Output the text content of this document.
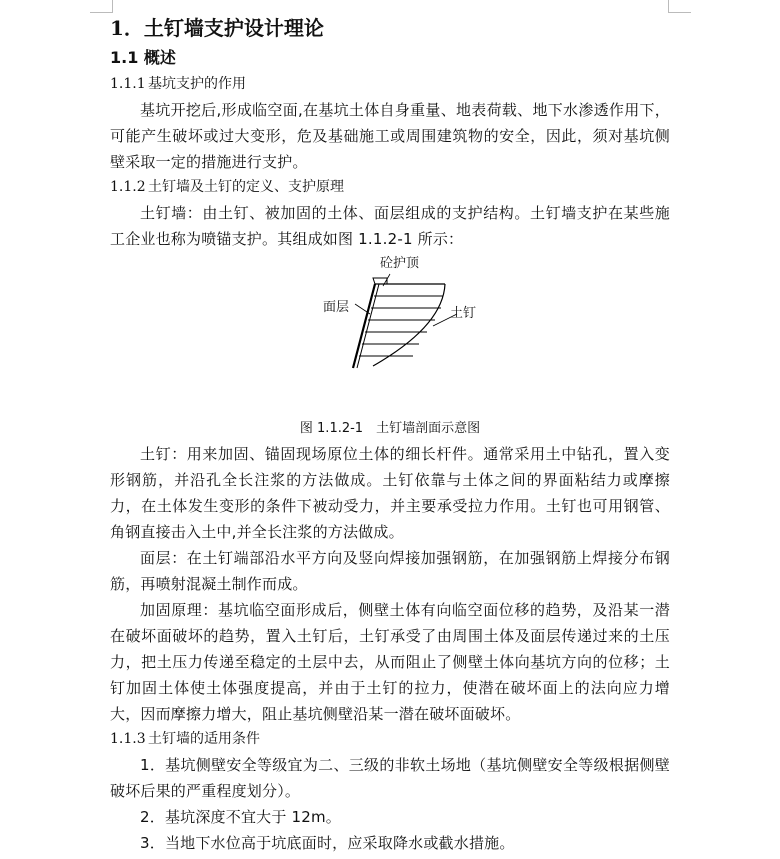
1．土钉墙支护设计理论
1.1 概述
1.1.1 基坑支护的作用

基坑开挖后,形成临空面,在基坑土体自身重量、地表荷载、地下水渗透作用下，可能产生破坏或过大变形，危及基础施工或周围建筑物的安全，因此，须对基坑侧壁采取一定的措施进行支护。

1.1.2 土钉墙及土钉的定义、支护原理

土钉墙：由土钉、被加固的土体、面层组成的支护结构。土钉墙支护在某些施工企业也称为喷锚支护。其组成如图 1.1.2-1 所示：

砼护顶
面层	土钉

图 1.1.2-1　土钉墙剖面示意图

土钉：用来加固、锚固现场原位土体的细长杆件。通常采用土中钻孔，置入变形钢筋，并沿孔全长注浆的方法做成。土钉依靠与土体之间的界面粘结力或摩擦力，在土体发生变形的条件下被动受力，并主要承受拉力作用。土钉也可用钢管、角钢直接击入土中,并全长注浆的方法做成。

面层：在土钉端部沿水平方向及竖向焊接加强钢筋，在加强钢筋上焊接分布钢筋，再喷射混凝土制作而成。

加固原理：基坑临空面形成后，侧壁土体有向临空面位移的趋势，及沿某一潜在破坏面破坏的趋势，置入土钉后，土钉承受了由周围土体及面层传递过来的土压力，把土压力传递至稳定的土层中去，从而阻止了侧壁土体向基坑方向的位移；土钉加固土体使土体强度提高，并由于土钉的拉力，使潜在破坏面上的法向应力增大，因而摩擦力增大，阻止基坑侧壁沿某一潜在破坏面破坏。

1.1.3 土钉墙的适用条件

1．基坑侧壁安全等级宜为二、三级的非软土场地（基坑侧壁安全等级根据侧壁破坏后果的严重程度划分）。

2．基坑深度不宜大于 12m。

3．当地下水位高于坑底面时，应采取降水或截水措施。
